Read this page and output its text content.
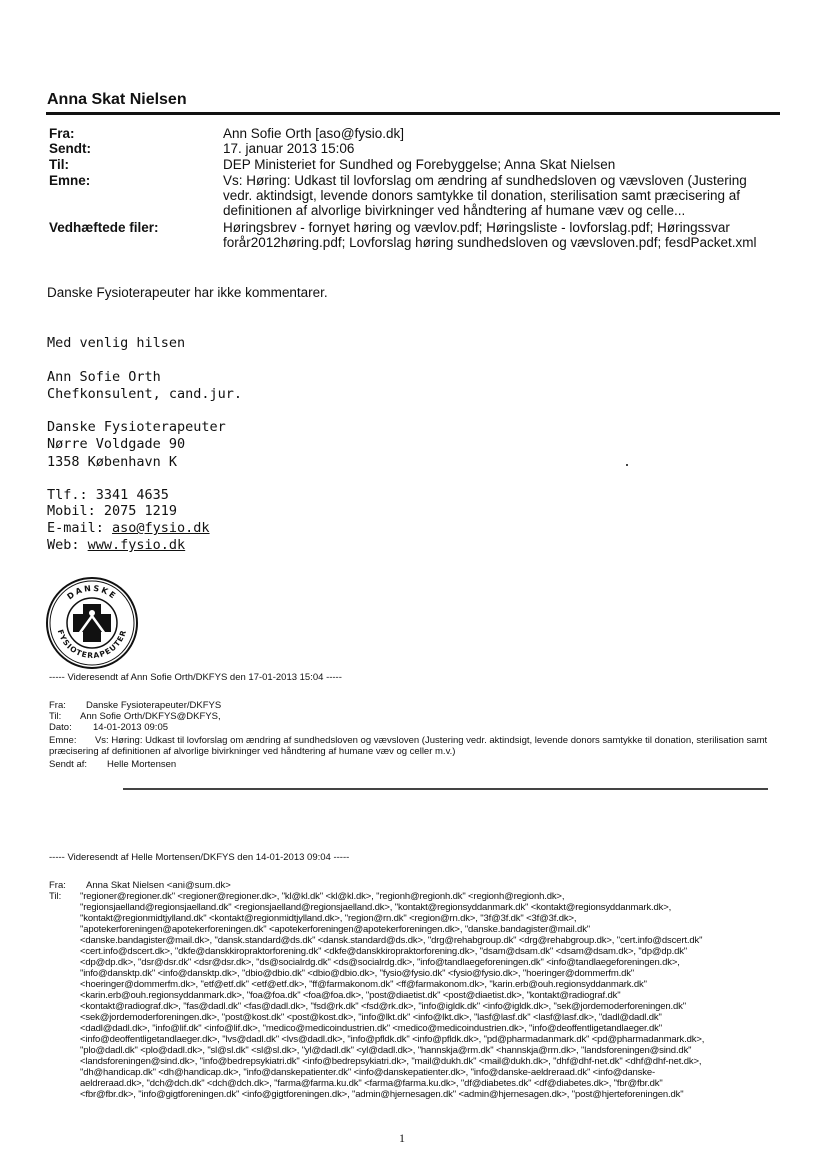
Anna Skat Nielsen
Fra:	Ann Sofie Orth [aso@fysio.dk]
Sendt:	17. januar 2013 15:06
Til:	DEP Ministeriet for Sundhed og Forebyggelse; Anna Skat Nielsen
Emne:	Vs: Høring: Udkast til lovforslag om ændring af sundhedsloven og vævsloven (Justering vedr. aktindsigt, levende donors samtykke til donation, sterilisation samt præcisering af definitionen af alvorlige bivirkninger ved håndtering af humane væv og celle...
Vedhæftede filer:	Høringsbrev - fornyet høring og vævlov.pdf; Høringsliste - lovforslag.pdf; Høringssvar forår2012høring.pdf; Lovforslag høring sundhedsloven og vævsloven.pdf; fesdPacket.xml
Danske Fysioterapeuter har ikke kommentarer.
Med venlig hilsen
Ann Sofie Orth
Chefkonsulent, cand.jur.
Danske Fysioterapeuter
Nørre Voldgade 90
1358 København K
Tlf.: 3341 4635
Mobil: 2075 1219
E-mail: aso@fysio.dk
Web: www.fysio.dk
DANSKE
FYSIOTERAPEUTER
----- Videresendt af Ann Sofie Orth/DKFYS den 17-01-2013 15:04 -----
Fra: Danske Fysioterapeuter/DKFYS
Til: Ann Sofie Orth/DKFYS@DKFYS,
Dato: 14-01-2013 09:05
Emne: Vs: Høring: Udkast til lovforslag om ændring af sundhedsloven og vævsloven (Justering vedr. aktindsigt, levende donors samtykke til donation, sterilisation samt præcisering af definitionen af alvorlige bivirkninger ved håndtering af humane væv og celler m.v.)
Sendt af: Helle Mortensen
----- Videresendt af Helle Mortensen/DKFYS den 14-01-2013 09:04 -----
Fra: Anna Skat Nielsen <ani@sum.dk>
Til: "regioner@regioner.dk" <regioner@regioner.dk>, "kl@kl.dk" <kl@kl.dk>, "regionh@regionh.dk" <regionh@regionh.dk>,
"regionsjaelland@regionsjaelland.dk" <regionsjaelland@regionsjaelland.dk>, "kontakt@regionsyddanmark.dk" <kontakt@regionsyddanmark.dk>,
"kontakt@regionmidtjylland.dk" <kontakt@regionmidtjylland.dk>, "region@rn.dk" <region@rn.dk>, "3f@3f.dk" <3f@3f.dk>,
"apotekerforeningen@apotekerforeningen.dk" <apotekerforeningen@apotekerforeningen.dk>, "danske.bandagister@mail.dk"
<danske.bandagister@mail.dk>, "dansk.standard@ds.dk" <dansk.standard@ds.dk>, "drg@rehabgroup.dk" <drg@rehabgroup.dk>, "cert.info@dscert.dk"
<cert.info@dscert.dk>, "dkfe@danskkiropraktorforening.dk" <dkfe@danskkiropraktorforening.dk>, "dsam@dsam.dk" <dsam@dsam.dk>, "dp@dp.dk"
<dp@dp.dk>, "dsr@dsr.dk" <dsr@dsr.dk>, "ds@socialrdg.dk" <ds@socialrdg.dk>, "info@tandlaegeforeningen.dk" <info@tandlaegeforeningen.dk>,
"info@dansktp.dk" <info@dansktp.dk>, "dbio@dbio.dk" <dbio@dbio.dk>, "fysio@fysio.dk" <fysio@fysio.dk>, "hoeringer@dommerfm.dk"
<hoeringer@dommerfm.dk>, "etf@etf.dk" <etf@etf.dk>, "ff@farmakonom.dk" <ff@farmakonom.dk>, "karin.erb@ouh.regionsyddanmark.dk"
<karin.erb@ouh.regionsyddanmark.dk>, "foa@foa.dk" <foa@foa.dk>, "post@diaetist.dk" <post@diaetist.dk>, "kontakt@radiograf.dk"
<kontakt@radiograf.dk>, "fas@dadl.dk" <fas@dadl.dk>, "fsd@rk.dk" <fsd@rk.dk>, "info@igldk.dk" <info@igldk.dk>, "sek@jordemoderforeningen.dk"
<sek@jordemoderforeningen.dk>, "post@kost.dk" <post@kost.dk>, "info@lkt.dk" <info@lkt.dk>, "lasf@lasf.dk" <lasf@lasf.dk>, "dadl@dadl.dk"
<dadl@dadl.dk>, "info@lif.dk" <info@lif.dk>, "medico@medicoindustrien.dk" <medico@medicoindustrien.dk>, "info@deoffentligetandlaeger.dk"
<info@deoffentligetandlaeger.dk>, "lvs@dadl.dk" <lvs@dadl.dk>, "info@pfldk.dk" <info@pfldk.dk>, "pd@pharmadanmark.dk" <pd@pharmadanmark.dk>,
"plo@dadl.dk" <plo@dadl.dk>, "sl@sl.dk" <sl@sl.dk>, "yl@dadl.dk" <yl@dadl.dk>, "hannskja@rm.dk" <hannskja@rm.dk>, "landsforeningen@sind.dk"
<landsforeningen@sind.dk>, "info@bedrepsykiatri.dk" <info@bedrepsykiatri.dk>, "mail@dukh.dk" <mail@dukh.dk>, "dhf@dhf-net.dk" <dhf@dhf-net.dk>,
"dh@handicap.dk" <dh@handicap.dk>, "info@danskepatienter.dk" <info@danskepatienter.dk>, "info@danske-aeldreraad.dk" <info@danske-
aeldreraad.dk>, "dch@dch.dk" <dch@dch.dk>, "farma@farma.ku.dk" <farma@farma.ku.dk>, "df@diabetes.dk" <df@diabetes.dk>, "fbr@fbr.dk"
<fbr@fbr.dk>, "info@gigtforeningen.dk" <info@gigtforeningen.dk>, "admin@hjernesagen.dk" <admin@hjernesagen.dk>, "post@hjerteforeningen.dk"
1
